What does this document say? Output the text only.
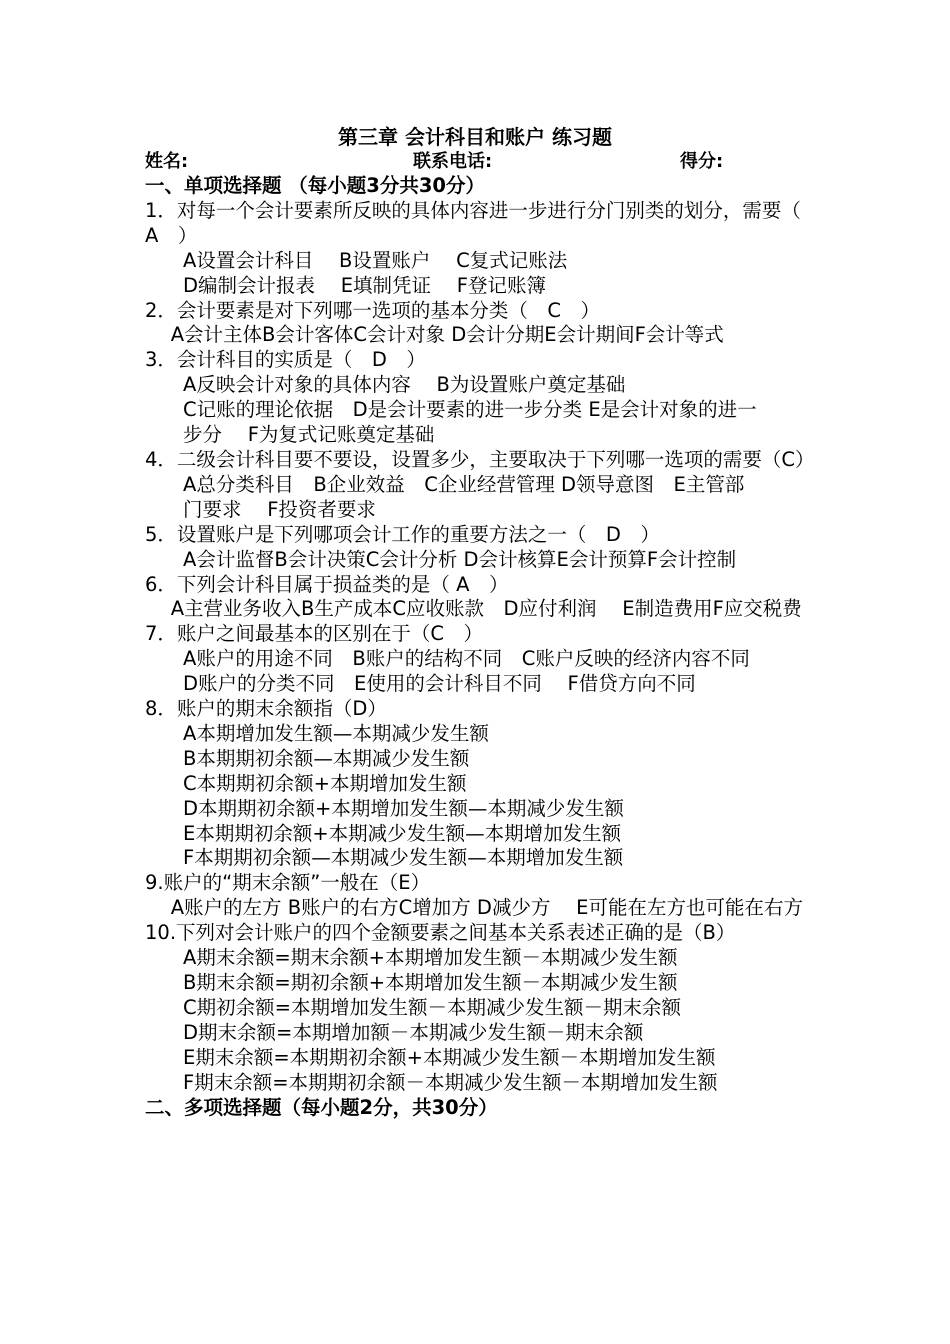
第三章 会计科目和账户 练习题
姓名:	联系电话:	得分:
一、单项选择题 （每小题3分共30分）
1．对每一个会计要素所反映的具体内容进一步进行分门别类的划分，需要（　A　）
A设置会计科目　 B设置账户　 C复式记账法
D编制会计报表　 E填制凭证　 F登记账簿
2．会计要素是对下列哪一选项的基本分类（　C　）
　 A会计主体B会计客体C会计对象 D会计分期E会计期间F会计等式
3．会计科目的实质是（　D　）
A反映会计对象的具体内容　 B为设置账户奠定基础
C记账的理论依据　D是会计要素的进一步分类 E是会计对象的进一
步分　 F为复式记账奠定基础
4．二级会计科目要不要设，设置多少，主要取决于下列哪一选项的需要（C）
A总分类科目　B企业效益　C企业经营管理 D领导意图　E主管部
门要求　 F投资者要求
5．设置账户是下列哪项会计工作的重要方法之一（　D　）
A会计监督B会计决策C会计分析 D会计核算E会计预算F会计控制
6．下列会计科目属于损益类的是（ A　）
　 A主营业务收入B生产成本C应收账款　D应付利润　 E制造费用F应交税费
7．账户之间最基本的区别在于（C　）
A账户的用途不同　B账户的结构不同　C账户反映的经济内容不同
D账户的分类不同　E使用的会计科目不同　 F借贷方向不同
8．账户的期末余额指（D）
A本期增加发生额—本期减少发生额
B本期期初余额—本期减少发生额
C本期期初余额+本期增加发生额
D本期期初余额+本期增加发生额—本期减少发生额
E本期期初余额+本期减少发生额—本期增加发生额
F本期期初余额—本期减少发生额—本期增加发生额
9.账户的“期末余额”一般在（E）
　 A账户的左方 B账户的右方C增加方 D减少方　 E可能在左方也可能在右方
10.下列对会计账户的四个金额要素之间基本关系表述正确的是（B）
A期末余额=期末余额+本期增加发生额－本期减少发生额
B期末余额=期初余额+本期增加发生额－本期减少发生额
C期初余额=本期增加发生额－本期减少发生额－期末余额
D期末余额=本期增加额－本期减少发生额－期末余额
E期末余额=本期期初余额+本期减少发生额－本期增加发生额
F期末余额=本期期初余额－本期减少发生额－本期增加发生额
二、多项选择题（每小题2分，共30分）
